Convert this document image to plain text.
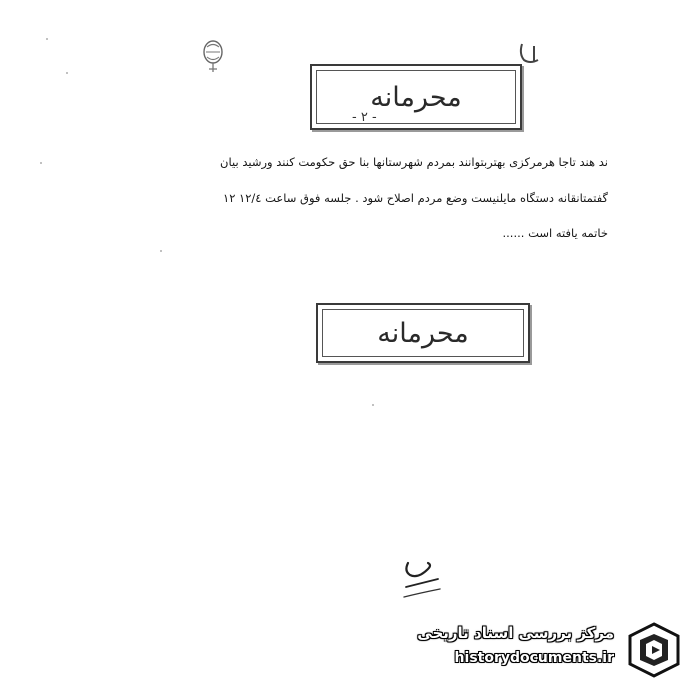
محرمانه
- ٢ -
ند هند تاجا هرمرکزی بهتربتوانند بمردم شهرستانها بنا حق حکومت کنند ورشید بیان
گفتمتانقانه دستگاه مایلنیست وضع مردم اصلاح شود . جلسه فوق ساعت ١٢/٤ ١٢
خاتمه یافته است ......
محرمانه
مرکز بررسی اسناد تاریخی
historydocuments.ir
